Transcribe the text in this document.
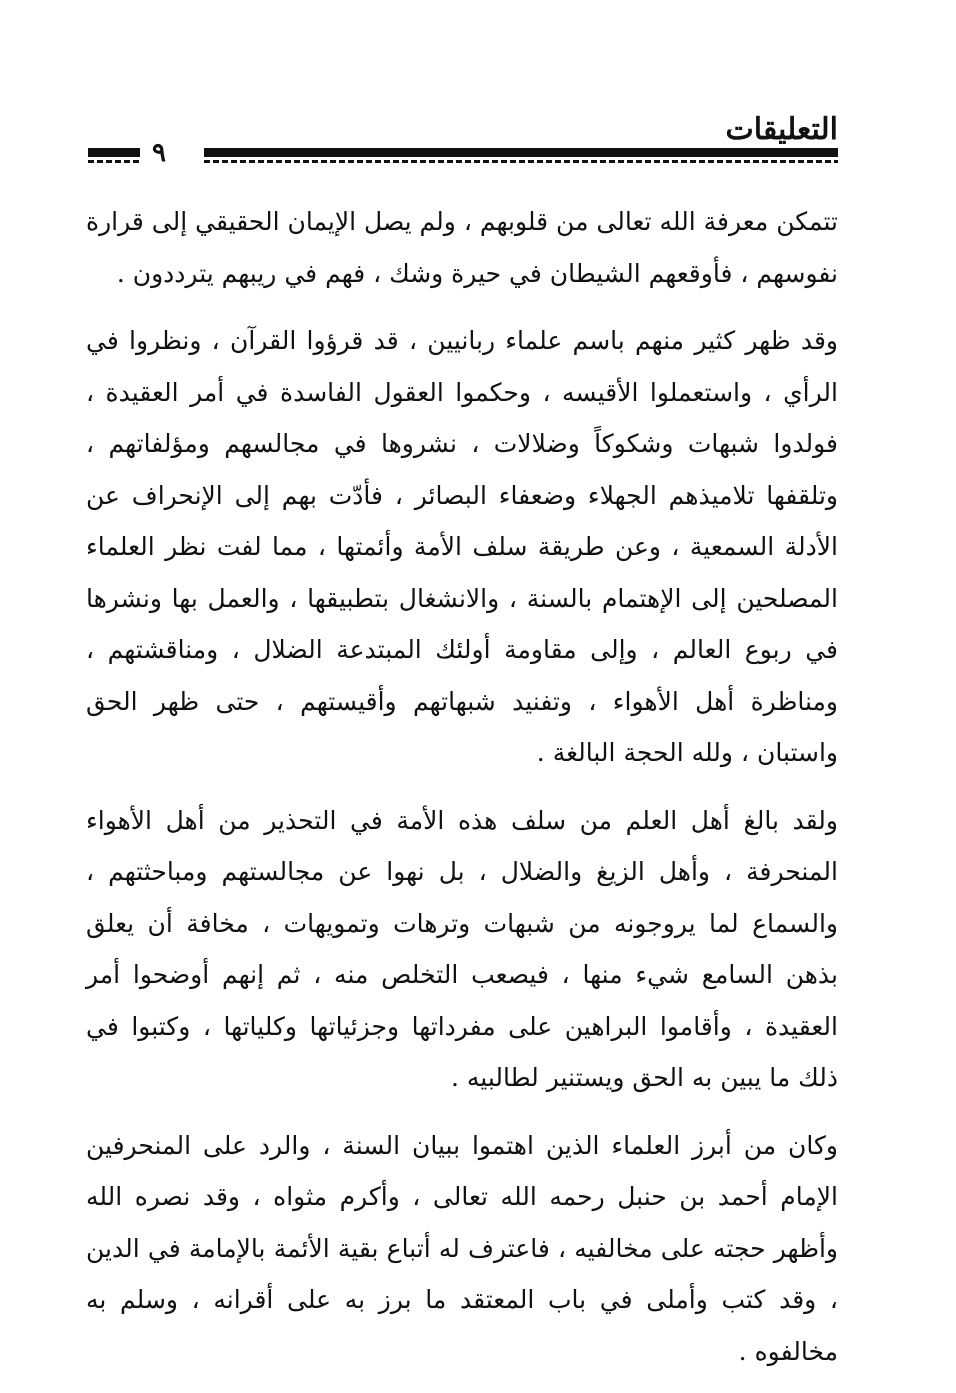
التعليقات
٩

تتمكن معرفة الله تعالى من قلوبهم ، ولم يصل الإيمان الحقيقي إلى قرارة نفوسهم ، فأوقعهم الشيطان في حيرة وشك ، فهم في ريبهم يترددون .

وقد ظهر كثير منهم باسم علماء ربانيين ، قد قرؤوا القرآن ، ونظروا في الرأي ، واستعملوا الأقيسه ، وحكموا العقول الفاسدة في أمر العقيدة ، فولدوا شبهات وشكوكاً وضلالات ، نشروها في مجالسهم ومؤلفاتهم ، وتلقفها تلاميذهم الجهلاء وضعفاء البصائر ، فأدّت بهم إلى الإنحراف عن الأدلة السمعية ، وعن طريقة سلف الأمة وأئمتها ، مما لفت نظر العلماء المصلحين إلى الإهتمام بالسنة ، والانشغال بتطبيقها ، والعمل بها ونشرها في ربوع العالم ، وإلى مقاومة أولئك المبتدعة الضلال ، ومناقشتهم ، ومناظرة أهل الأهواء ، وتفنيد شبهاتهم وأقيستهم ، حتى ظهر الحق واستبان ، ولله الحجة البالغة .

ولقد بالغ أهل العلم من سلف هذه الأمة في التحذير من أهل الأهواء المنحرفة ، وأهل الزيغ والضلال ، بل نهوا عن مجالستهم ومباحثتهم ، والسماع لما يروجونه من شبهات وترهات وتمويهات ، مخافة أن يعلق بذهن السامع شيء منها ، فيصعب التخلص منه ، ثم إنهم أوضحوا أمر العقيدة ، وأقاموا البراهين على مفرداتها وجزئياتها وكلياتها ، وكتبوا في ذلك ما يبين به الحق ويستنير لطالبيه .

وكان من أبرز العلماء الذين اهتموا ببيان السنة ، والرد على المنحرفين الإمام أحمد بن حنبل رحمه الله تعالى ، وأكرم مثواه ، وقد نصره الله وأظهر حجته على مخالفيه ، فاعترف له أتباع بقية الأئمة بالإمامة في الدين ، وقد كتب وأملى في باب المعتقد ما برز به على أقرانه ، وسلم به مخالفوه .
